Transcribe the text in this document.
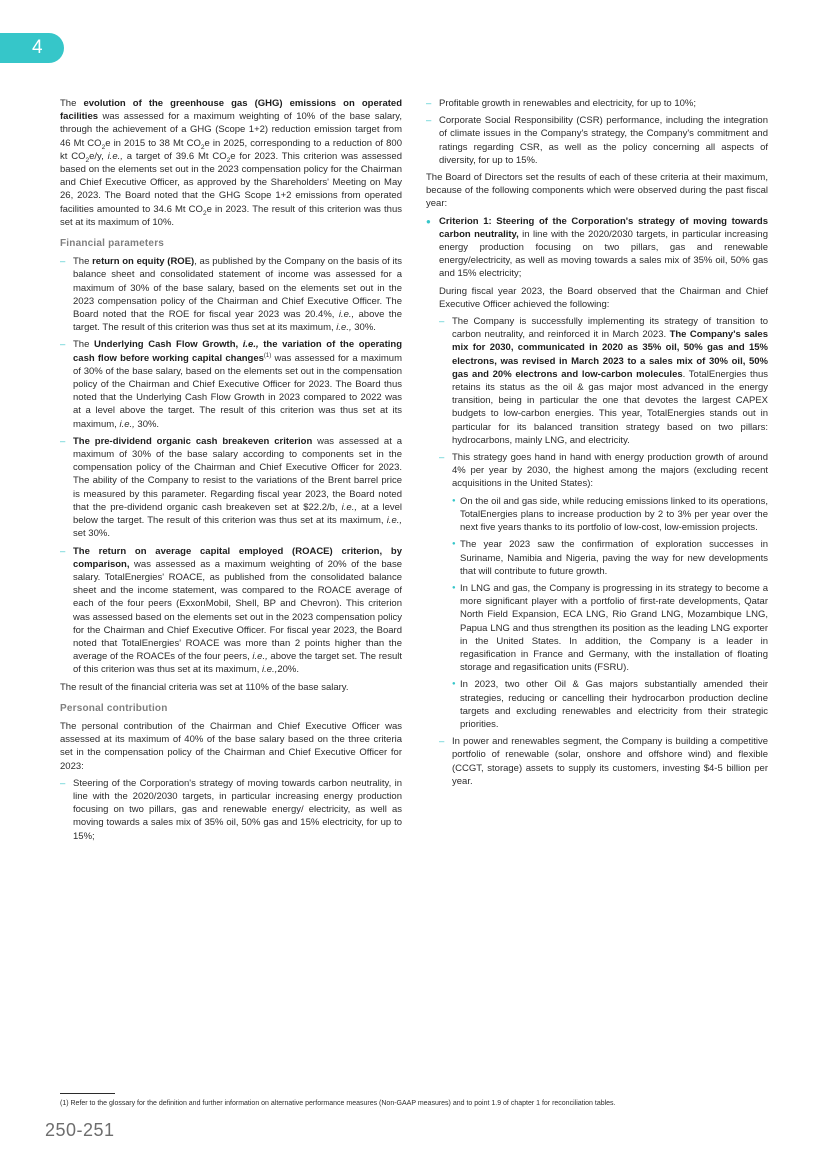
4

The evolution of the greenhouse gas (GHG) emissions on operated facilities was assessed for a maximum weighting of 10% of the base salary, through the achievement of a GHG (Scope 1+2) reduction emission target from 46 Mt $CO_2e$ in 2015 to 38 Mt $CO_2e$ in 2025, corresponding to a reduction of 800 kt $CO_2e/y$, i.e., a target of 39.6 Mt $CO_2e$ for 2023. This criterion was assessed based on the elements set out in the 2023 compensation policy for the Chairman and Chief Executive Officer, as approved by the Shareholders' Meeting on May 26, 2023. The Board noted that the GHG Scope 1+2 emissions from operated facilities amounted to 34.6 Mt $CO_2e$ in 2023. The result of this criterion was thus set at its maximum of 10%.

Financial parameters
– The return on equity (ROE), as published by the Company on the basis of its balance sheet and consolidated statement of income was assessed for a maximum of 30% of the base salary, based on the elements set out in the 2023 compensation policy of the Chairman and Chief Executive Officer. The Board noted that the ROE for fiscal year 2023 was 20.4%, i.e., above the target. The result of this criterion was thus set at its maximum, i.e., 30%.
– The Underlying Cash Flow Growth, i.e., the variation of the operating cash flow before working capital changes$^{(1)}$ was assessed for a maximum of 30% of the base salary, based on the elements set out in the compensation policy of the Chairman and Chief Executive Officer for 2023. The Board thus noted that the Underlying Cash Flow Growth in 2023 compared to 2022 was at a level above the target. The result of this criterion was thus set at its maximum, i.e., 30%.
– The pre-dividend organic cash breakeven criterion was assessed at a maximum of 30% of the base salary according to components set in the compensation policy of the Chairman and Chief Executive Officer for 2023. The ability of the Company to resist to the variations of the Brent barrel price is measured by this parameter. Regarding fiscal year 2023, the Board noted that the pre-dividend organic cash breakeven set at $22.2/b, i.e., at a level below the target. The result of this criterion was thus set at its maximum, i.e., set 30%.
– The return on average capital employed (ROACE) criterion, by comparison, was assessed as a maximum weighting of 20% of the base salary. TotalEnergies' ROACE, as published from the consolidated balance sheet and the income statement, was compared to the ROACE average of each of the four peers (ExxonMobil, Shell, BP and Chevron). This criterion was assessed based on the elements set out in the 2023 compensation policy for the Chairman and Chief Executive Officer. For fiscal year 2023, the Board noted that TotalEnergies' ROACE was more than 2 points higher than the average of the ROACEs of the four peers, i.e., above the target set. The result of this criterion was thus set at its maximum, i.e.,20%.

The result of the financial criteria was set at 110% of the base salary.

Personal contribution

The personal contribution of the Chairman and Chief Executive Officer was assessed at its maximum of 40% of the base salary based on the three criteria set in the compensation policy of the Chairman and Chief Executive Officer for 2023:

– Steering of the Corporation's strategy of moving towards carbon neutrality, in line with the 2020/2030 targets, in particular increasing energy production focusing on two pillars, gas and renewable energy/ electricity, as well as moving towards a sales mix of 35% oil, 50% gas and 15% electricity, for up to 15%;
– Profitable growth in renewables and electricity, for up to 10%;
– Corporate Social Responsibility (CSR) performance, including the integration of climate issues in the Company's strategy, the Company's commitment and ratings regarding CSR, as well as the policy concerning all aspects of diversity, for up to 15%.

The Board of Directors set the results of each of these criteria at their maximum, because of the following components which were observed during the past fiscal year:

● Criterion 1: Steering of the Corporation's strategy of moving towards carbon neutrality, in line with the 2020/2030 targets, in particular increasing energy production focusing on two pillars, gas and renewable energy/electricity, as well as moving towards a sales mix of 35% oil, 50% gas and 15% electricity;

During fiscal year 2023, the Board observed that the Chairman and Chief Executive Officer achieved the following:

– The Company is successfully implementing its strategy of transition to carbon neutrality, and reinforced it in March 2023. The Company's sales mix for 2030, communicated in 2020 as 35% oil, 50% gas and 15% electrons, was revised in March 2023 to a sales mix of 30% oil, 50% gas and 20% electrons and low-carbon molecules. TotalEnergies thus retains its status as the oil & gas major most advanced in the energy transition, being in particular the one that devotes the largest CAPEX budgets to low-carbon energies. This year, TotalEnergies stands out in particular for its balanced transition strategy based on two pillars: hydrocarbons, mainly LNG, and electricity.
– This strategy goes hand in hand with energy production growth of around 4% per year by 2030, the highest among the majors (excluding recent acquisitions in the United States):
● On the oil and gas side, while reducing emissions linked to its operations, TotalEnergies plans to increase production by 2 to 3% per year over the next five years thanks to its portfolio of low-cost, low-emission projects.
● The year 2023 saw the confirmation of exploration successes in Suriname, Namibia and Nigeria, paving the way for new developments that will contribute to future growth.
● In LNG and gas, the Company is progressing in its strategy to become a more significant player with a portfolio of first-rate developments, Qatar North Field Expansion, ECA LNG, Rio Grand LNG, Mozambique LNG, Papua LNG and thus strengthen its position as the leading LNG exporter in the United States. In addition, the Company is a leader in regasification in France and Germany, with the installation of floating storage and regasification units (FSRU).
● In 2023, two other Oil & Gas majors substantially amended their strategies, reducing or cancelling their hydrocarbon production decline targets and excluding renewables and electricity from their strategic priorities.
– In power and renewables segment, the Company is building a competitive portfolio of renewable (solar, onshore and offshore wind) and flexible (CCGT, storage) assets to supply its customers, investing $4-5 billion per year.
(1) Refer to the glossary for the definition and further information on alternative performance measures (Non-GAAP measures) and to point 1.9 of chapter 1 for reconciliation tables.
250-251
